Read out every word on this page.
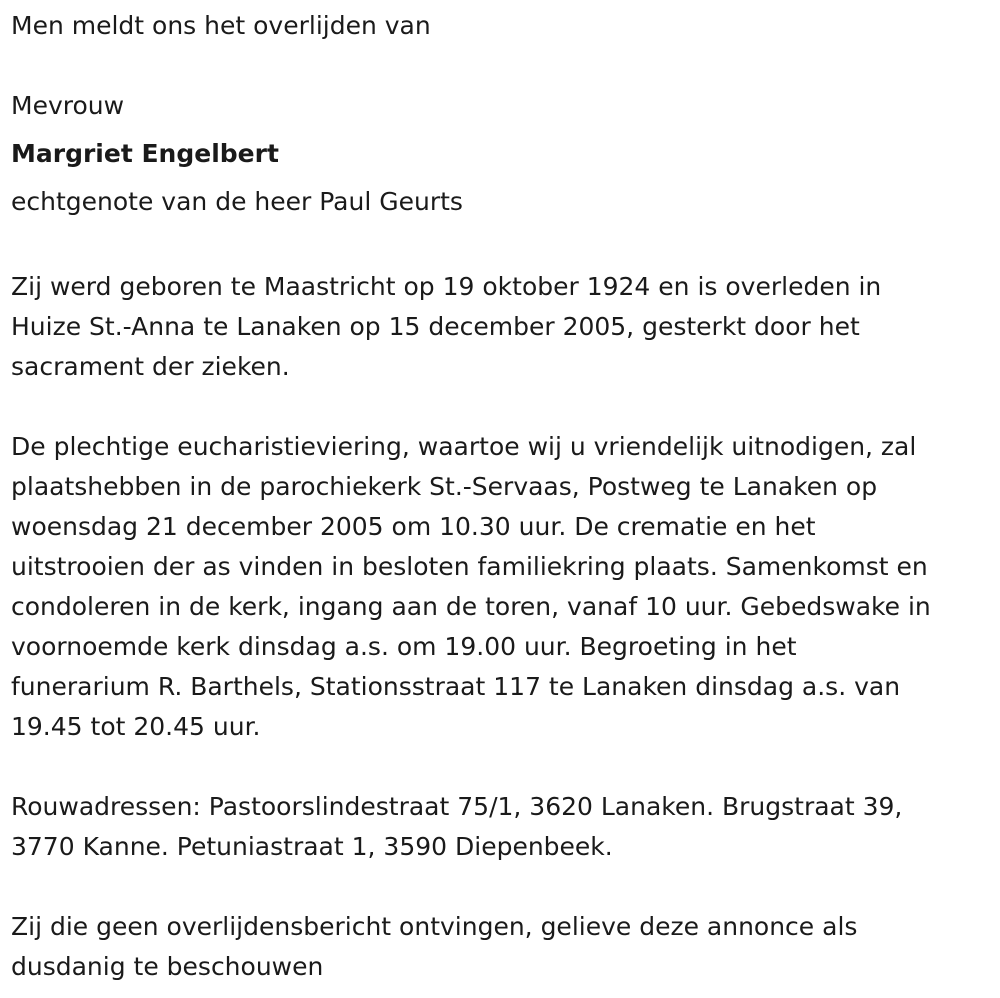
Men meldt ons het overlijden van
Mevrouw
Margriet Engelbert
echtgenote van de heer Paul Geurts
Zij werd geboren te Maastricht op 19 oktober 1924 en is overleden in
Huize St.-Anna te Lanaken op 15 december 2005, gesterkt door het
sacrament der zieken.
De plechtige eucharistieviering, waartoe wij u vriendelijk uitnodigen, zal
plaatshebben in de parochiekerk St.-Servaas, Postweg te Lanaken op
woensdag 21 december 2005 om 10.30 uur. De crematie en het
uitstrooien der as vinden in besloten familiekring plaats. Samenkomst en
condoleren in de kerk, ingang aan de toren, vanaf 10 uur. Gebedswake in
voornoemde kerk dinsdag a.s. om 19.00 uur. Begroeting in het
funerarium R. Barthels, Stationsstraat 117 te Lanaken dinsdag a.s. van
19.45 tot 20.45 uur.
Rouwadressen: Pastoorslindestraat 75/1, 3620 Lanaken. Brugstraat 39,
3770 Kanne. Petuniastraat 1, 3590 Diepenbeek.
Zij die geen overlijdensbericht ontvingen, gelieve deze annonce als
dusdanig te beschouwen
